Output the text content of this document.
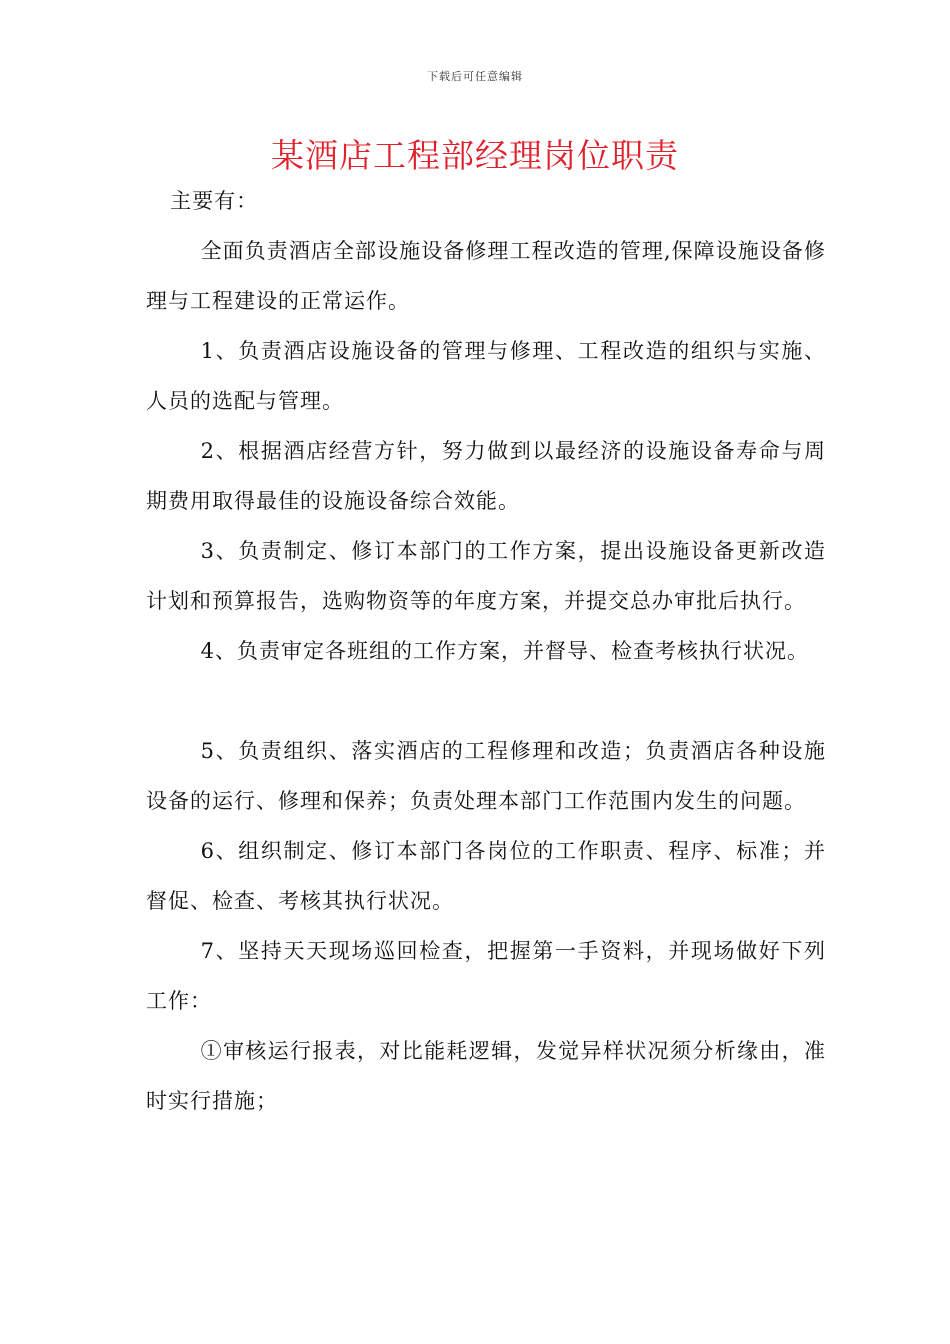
下载后可任意编辑
某酒店工程部经理岗位职责

主要有：

全面负责酒店全部设施设备修理工程改造的管理,保障设施设备修理与工程建设的正常运作。

1、负责酒店设施设备的管理与修理、工程改造的组织与实施、人员的选配与管理。

2、根据酒店经营方针，努力做到以最经济的设施设备寿命与周期费用取得最佳的设施设备综合效能。

3、负责制定、修订本部门的工作方案，提出设施设备更新改造计划和预算报告，选购物资等的年度方案，并提交总办审批后执行。

4、负责审定各班组的工作方案，并督导、检查考核执行状况。

5、负责组织、落实酒店的工程修理和改造；负责酒店各种设施设备的运行、修理和保养；负责处理本部门工作范围内发生的问题。

6、组织制定、修订本部门各岗位的工作职责、程序、标准；并督促、检查、考核其执行状况。

7、坚持天天现场巡回检查，把握第一手资料，并现场做好下列工作：

①审核运行报表，对比能耗逻辑，发觉异样状况须分析缘由，准时实行措施；
